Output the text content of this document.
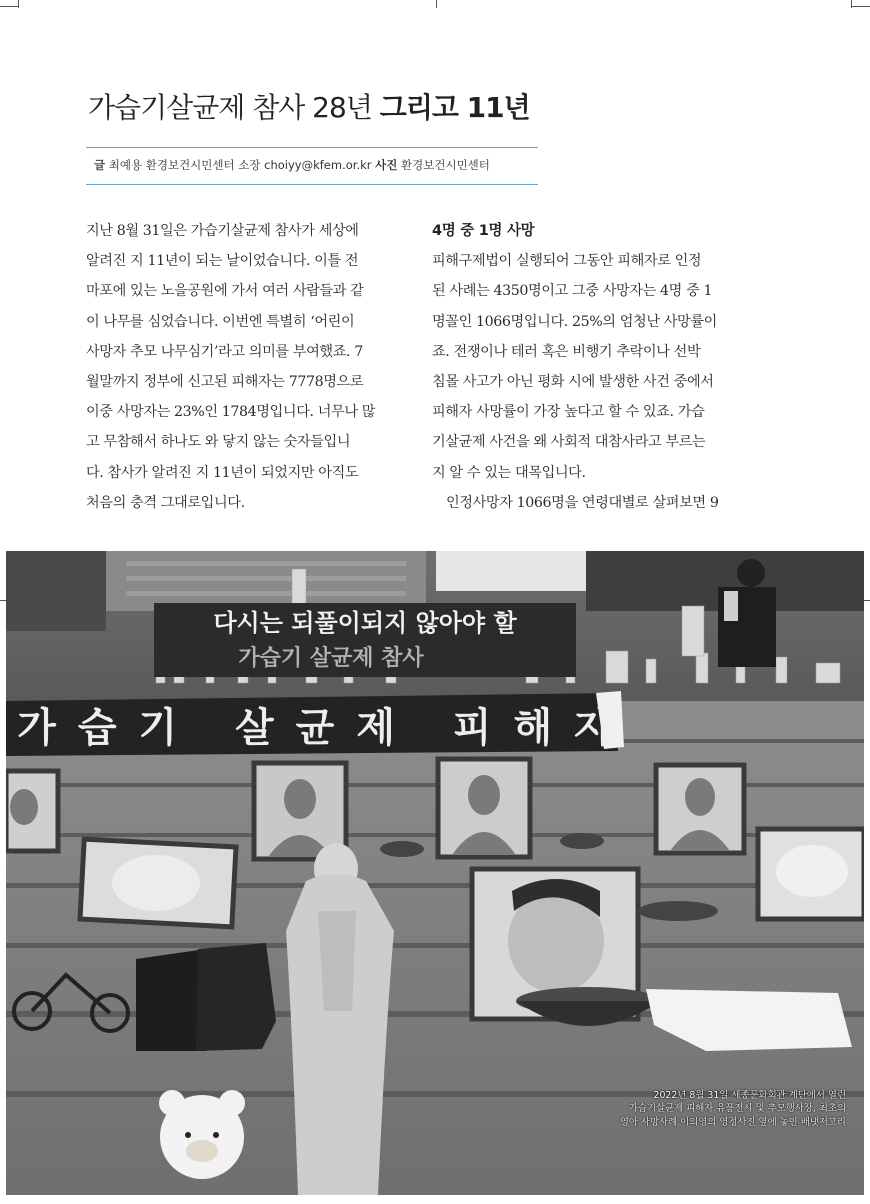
가습기살균제 참사 28년 그리고 11년
글 최예용 환경보건시민센터 소장 choiyy@kfem.or.kr 사진 환경보건시민센터
지난 8월 31일은 가습기살균제 참사가 세상에
알려진 지 11년이 되는 날이었습니다. 이틀 전
마포에 있는 노을공원에 가서 여러 사람들과 같
이 나무를 심었습니다. 이번엔 특별히 ‘어린이
사망자 추모 나무심기’라고 의미를 부여했죠. 7
월말까지 정부에 신고된 피해자는 7778명으로
이중 사망자는 23%인 1784명입니다. 너무나 많
고 무참해서 하나도 와 닿지 않는 숫자들입니
다. 참사가 알려진 지 11년이 되었지만 아직도
처음의 충격 그대로입니다.
4명 중 1명 사망
피해구제법이 실행되어 그동안 피해자로 인정
된 사례는 4350명이고 그중 사망자는 4명 중 1
명꼴인 1066명입니다. 25%의 엄청난 사망률이
죠. 전쟁이나 테러 혹은 비행기 추락이나 선박
침몰 사고가 아닌 평화 시에 발생한 사건 중에서
피해자 사망률이 가장 높다고 할 수 있죠. 가습
기살균제 사건을 왜 사회적 대참사라고 부르는
지 알 수 있는 대목입니다.
인정사망자 1066명을 연령대별로 살펴보면 9
다시는 되풀이되지 않아야 할
가습기 살균제 참사
가습기 살균제 피해자
2022년 8월 31일 세종문화회관 계단에서 열린
가습기살균제 피해자 유품전시 및 추모행사장, 최초의
영아 사망사례 이의영의 영정사진 옆에 놓인 배냇저고리
